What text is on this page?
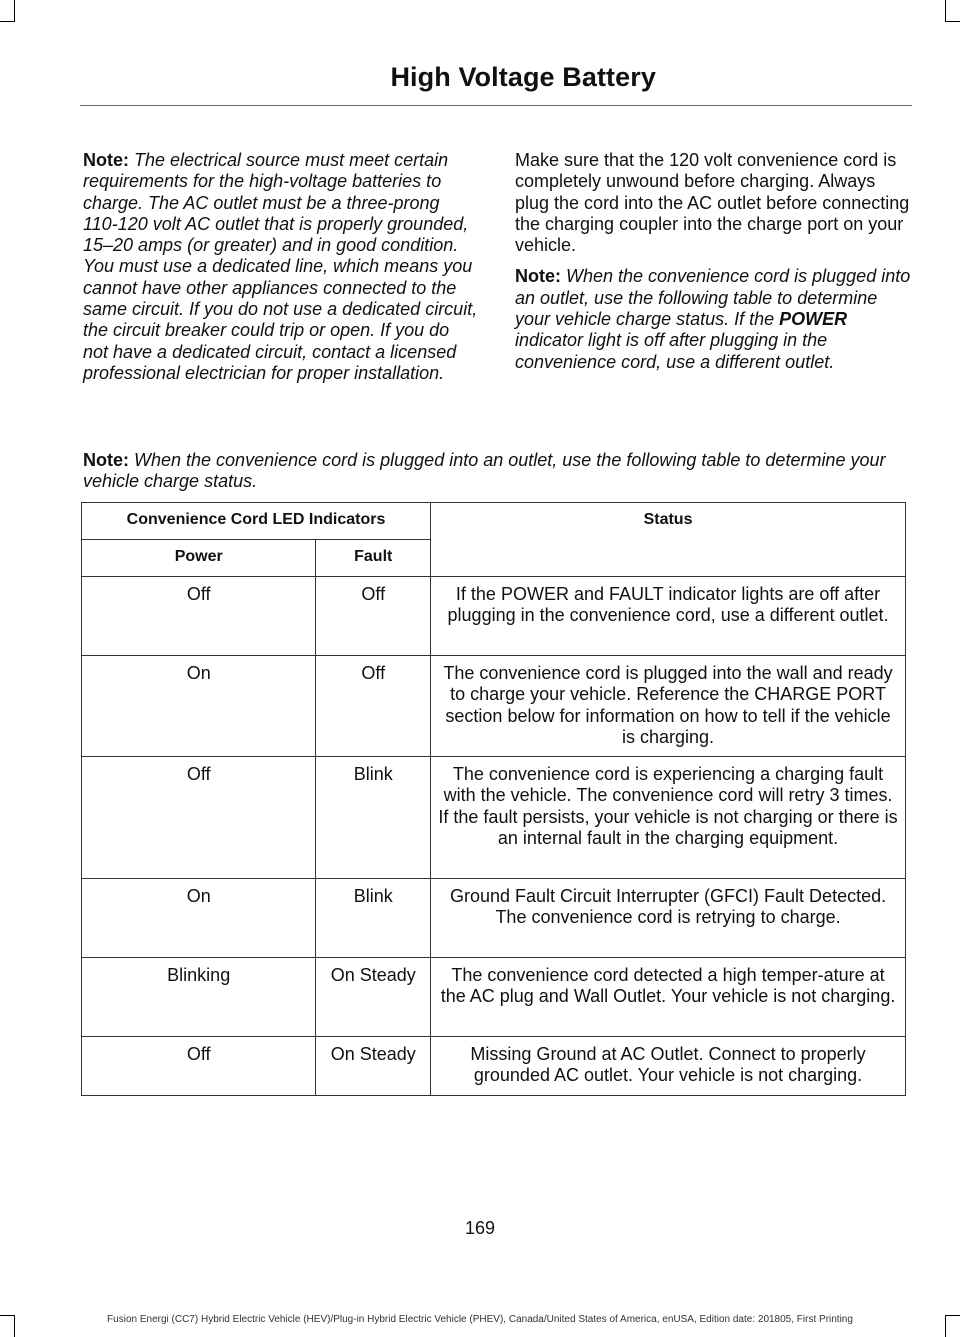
High Voltage Battery

Note: The electrical source must meet certain requirements for the high-voltage batteries to charge. The AC outlet must be a three-prong 110-120 volt AC outlet that is properly grounded, 15–20 amps (or greater) and in good condition. You must use a dedicated line, which means you cannot have other appliances connected to the same circuit. If you do not use a dedicated circuit, the circuit breaker could trip or open. If you do not have a dedicated circuit, contact a licensed professional electrician for proper installation.

Make sure that the 120 volt convenience cord is completely unwound before charging. Always plug the cord into the AC outlet before connecting the charging coupler into the charge port on your vehicle.

Note: When the convenience cord is plugged into an outlet, use the following table to determine your vehicle charge status. If the POWER indicator light is off after plugging in the convenience cord, use a different outlet.

Note: When the convenience cord is plugged into an outlet, use the following table to determine your vehicle charge status.
Convenience Cord LED Indicators		Status
Power	Fault	
Off	Off	If the POWER and FAULT indicator lights are off after plugging in the convenience cord, use a different outlet.
On	Off	The convenience cord is plugged into the wall and ready to charge your vehicle. Reference the CHARGE PORT section below for information on how to tell if the vehicle is charging.
Off	Blink	The convenience cord is experiencing a charging fault with the vehicle. The convenience cord will retry 3 times. If the fault persists, your vehicle is not charging or there is an internal fault in the charging equipment.
On	Blink	Ground Fault Circuit Interrupter (GFCI) Fault Detected. The convenience cord is retrying to charge.
Blinking	On Steady	The convenience cord detected a high temper-ature at the AC plug and Wall Outlet. Your vehicle is not charging.
Off	On Steady	Missing Ground at AC Outlet. Connect to properly grounded AC outlet. Your vehicle is not charging.
169
Fusion Energi (CC7) Hybrid Electric Vehicle (HEV)/Plug-in Hybrid Electric Vehicle (PHEV), Canada/United States of America, enUSA, Edition date: 201805, First Printing
